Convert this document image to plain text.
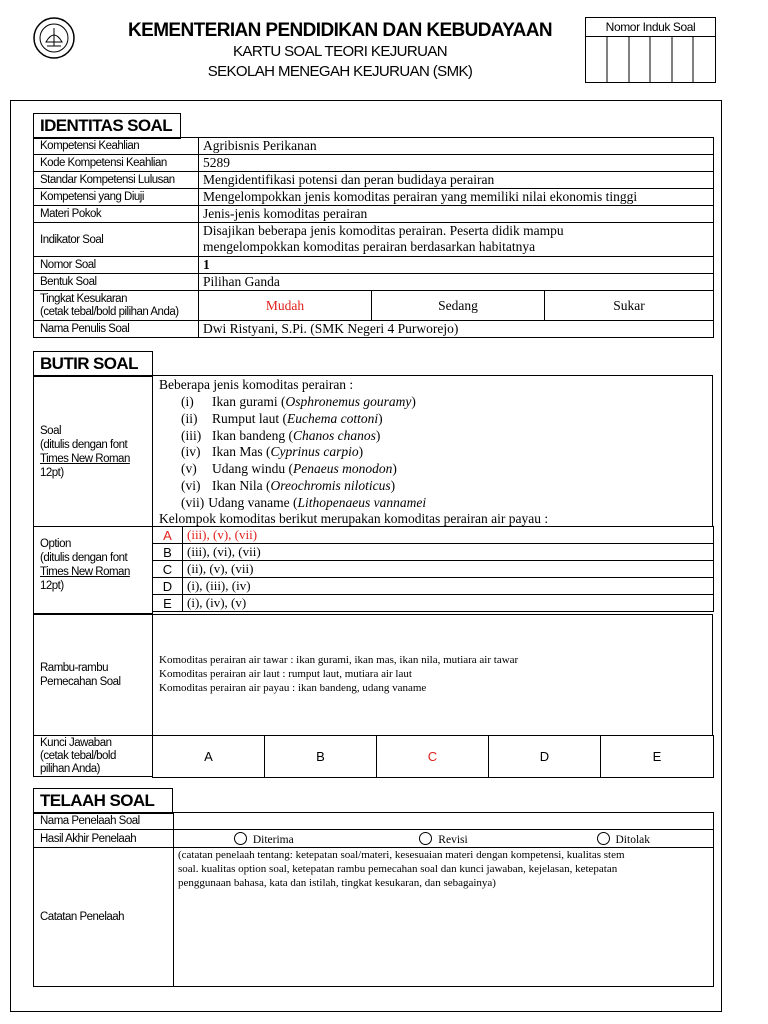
KEMENTERIAN PENDIDIKAN DAN KEBUDAYAAN
KARTU SOAL TEORI KEJURUAN
SEKOLAH MENEGAH KEJURUAN (SMK)
Nomor Induk Soal
IDENTITAS SOAL
Kompetensi Keahlian	Agribisnis Perikanan		
Kode Kompetensi Keahlian	5289		
Standar Kompetensi Lulusan	Mengidentifikasi potensi dan peran budidaya perairan		
Kompetensi yang Diuji	Mengelompokkan jenis komoditas perairan yang memiliki nilai ekonomis tinggi		
Materi Pokok	Jenis-jenis komoditas perairan		
Indikator Soal	Disajikan beberapa jenis komoditas perairan. Peserta didik mampu
mengelompokkan komoditas perairan berdasarkan habitatnya		

Nomor Soal	1		
Bentuk Soal	Pilihan Ganda		

Tingkat Kesukaran
(cetak tebal/bold pilihan Anda)	Mudah	Sedang	Sukar
Nama Penulis Soal	Dwi Ristyani, S.Pi. (SMK Negeri 4 Purworejo)		
BUTIR SOAL
Soal
(ditulis dengan font
Times New Roman
12pt)
Beberapa jenis komoditas perairan :
(i) Ikan gurami (Osphronemus gouramy)
(ii) Rumput laut (Euchema cottoni)
(iii) Ikan bandeng (Chanos chanos)
(iv) Ikan Mas (Cyprinus carpio)
(v) Udang windu (Penaeus monodon)
(vi) Ikan Nila (Oreochromis niloticus)
(vii) Udang vaname (Lithopenaeus vannamei
Kelompok komoditas berikut merupakan komoditas perairan air payau :
Option
(ditulis dengan font
Times New Roman
12pt)
A	(iii), (v), (vii)
B	(iii), (vi), (vii)
C	(ii), (v), (vii)
D	(i), (iii), (iv)
E	(i), (iv), (v)
Rambu-rambu
Pemecahan Soal
Komoditas perairan air tawar : ikan gurami, ikan mas, ikan nila, mutiara air tawar
Komoditas perairan air laut : rumput laut, mutiara air laut
Komoditas perairan air payau : ikan bandeng, udang vaname
Kunci Jawaban
(cetak tebal/bold
pilihan Anda)
A	B	C	D	E
TELAAH SOAL
Nama Penelaah Soal			
Hasil Akhir Penelaah	Diterima	Revisi	Ditolak
Catatan Penelaah	(catatan penelaah tentang: ketepatan soal/materi, kesesuaian materi dengan kompetensi, kualitas stem
soal. kualitas option soal, ketepatan rambu pemecahan soal dan kunci jawaban, kejelasan, ketepatan
penggunaan bahasa, kata dan istilah, tingkat kesukaran, dan sebagainya)		
